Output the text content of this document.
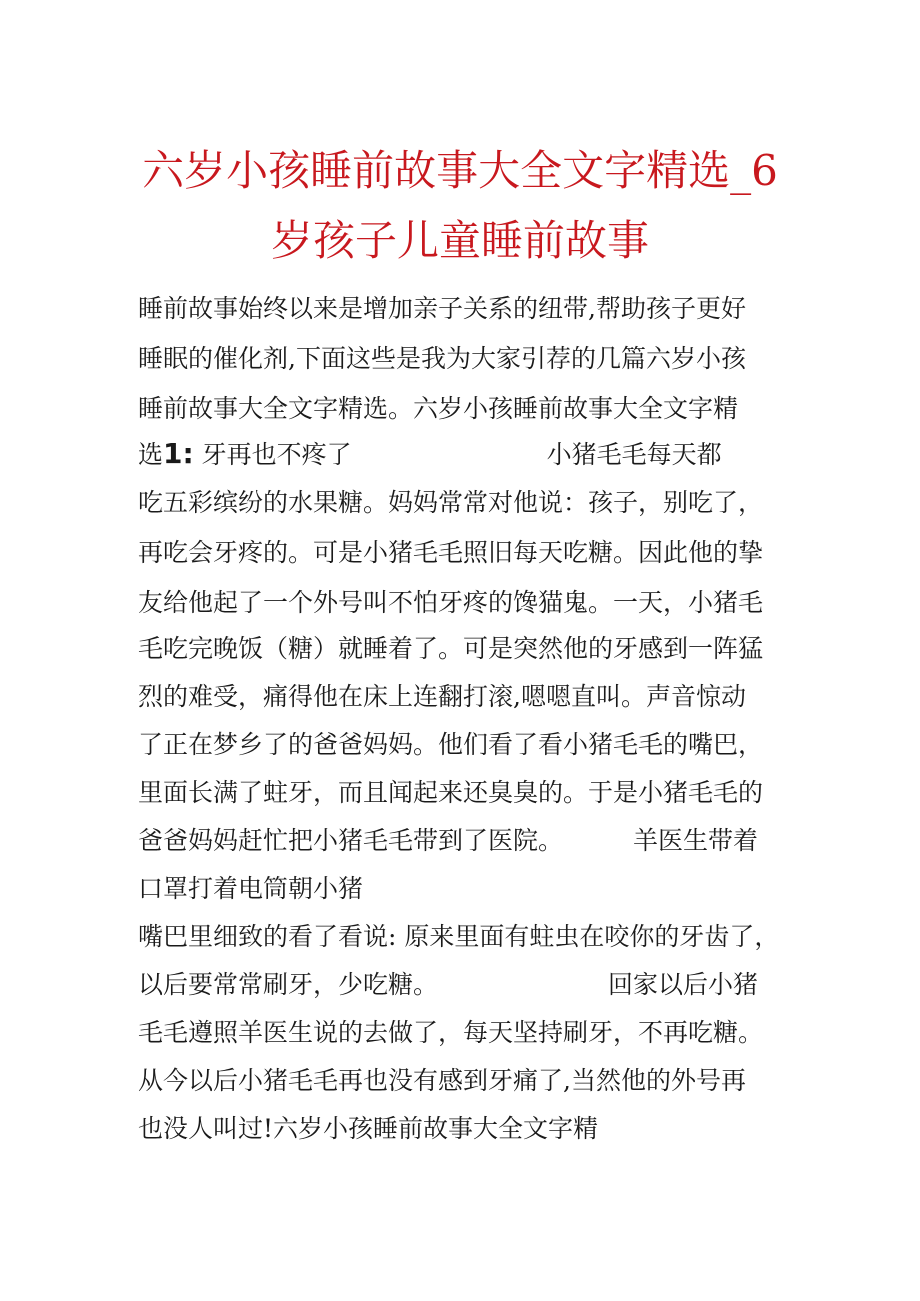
六岁小孩睡前故事大全文字精选_6
岁孩子儿童睡前故事
睡前故事始终以来是增加亲子关系的纽带,帮助孩子更好
睡眠的催化剂,下面这些是我为大家引荐的几篇六岁小孩
睡前故事大全文字精选。六岁小孩睡前故事大全文字精
选1: 牙再也不疼了	小猪毛毛每天都
吃五彩缤纷的水果糖。妈妈常常对他说：孩子，别吃了，
再吃会牙疼的。可是小猪毛毛照旧每天吃糖。因此他的挚
友给他起了一个外号叫不怕牙疼的馋猫鬼。一天，小猪毛
毛吃完晚饭（糖）就睡着了。可是突然他的牙感到一阵猛
烈的难受，痛得他在床上连翻打滚,嗯嗯直叫。声音惊动
了正在梦乡了的爸爸妈妈。他们看了看小猪毛毛的嘴巴，
里面长满了蛀牙，而且闻起来还臭臭的。于是小猪毛毛的
爸爸妈妈赶忙把小猪毛毛带到了医院。	羊医生带着
口罩打着电筒朝小猪
嘴巴里细致的看了看说: 原来里面有蛀虫在咬你的牙齿了，
以后要常常刷牙，少吃糖。	回家以后小猪
毛毛遵照羊医生说的去做了，每天坚持刷牙，不再吃糖。
从今以后小猪毛毛再也没有感到牙痛了,当然他的外号再
也没人叫过!六岁小孩睡前故事大全文字精
